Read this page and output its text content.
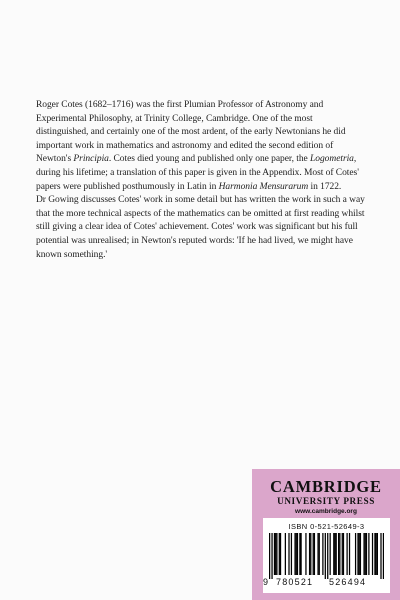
Roger Cotes (1682–1716) was the first Plumian Professor of Astronomy and Experimental Philosophy, at Trinity College, Cambridge. One of the most distinguished, and certainly one of the most ardent, of the early Newtonians he did important work in mathematics and astronomy and edited the second edition of Newton's Principia. Cotes died young and published only one paper, the Logometria, during his lifetime; a translation of this paper is given in the Appendix. Most of Cotes' papers were published posthumously in Latin in Harmonia Mensurarum in 1722.

Dr Gowing discusses Cotes' work in some detail but has written the work in such a way that the more technical aspects of the mathematics can be omitted at first reading whilst still giving a clear idea of Cotes' achievement. Cotes' work was significant but his full potential was unrealised; in Newton's reputed words: 'If he had lived, we might have known something.'

CAMBRIDGE
UNIVERSITY PRESS
www.cambridge.org
ISBN 0-521-52649-3
9 780521 526494
